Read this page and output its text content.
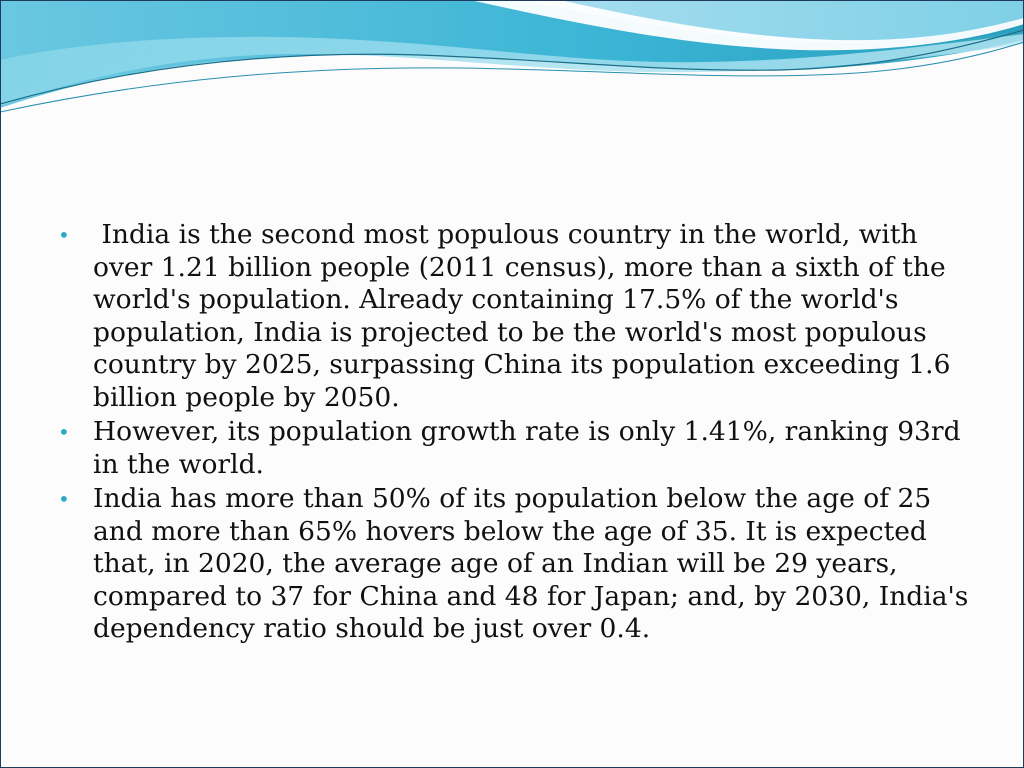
• India is the second most populous country in the world, with over 1.21 billion people (2011 census), more than a sixth of the world's population. Already containing 17.5% of the world's population, India is projected to be the world's most populous country by 2025, surpassing China its population exceeding 1.6 billion people by 2050.
• However, its population growth rate is only 1.41%, ranking 93rd in the world.
• India has more than 50% of its population below the age of 25 and more than 65% hovers below the age of 35. It is expected that, in 2020, the average age of an Indian will be 29 years, compared to 37 for China and 48 for Japan; and, by 2030, India's dependency ratio should be just over 0.4.
